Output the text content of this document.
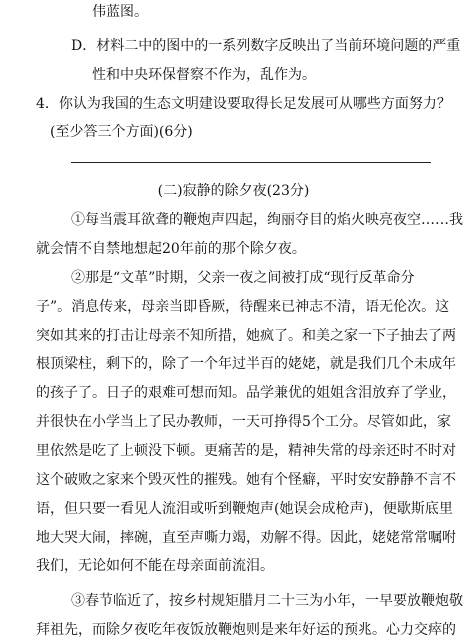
伟蓝图。
D．材料二中的图中的一系列数字反映出了当前环境问题的严重
性和中央环保督察不作为，乱作为。
4．你认为我国的生态文明建设要取得长足发展可从哪些方面努力？
(至少答三个方面)(6分)
(二)寂静的除夕夜(23分)
①每当震耳欲聋的鞭炮声四起，绚丽夺目的焰火映亮夜空……我
就会情不自禁地想起20年前的那个除夕夜。
②那是“文革”时期，父亲一夜之间被打成“现行反革命分
子”。消息传来，母亲当即昏厥，待醒来已神志不清，语无伦次。这
突如其来的打击让母亲不知所措，她疯了。和美之家一下子抽去了两
根顶梁柱，剩下的，除了一个年过半百的姥姥，就是我们几个未成年
的孩子了。日子的艰难可想而知。品学兼优的姐姐含泪放弃了学业，
并很快在小学当上了民办教师，一天可挣得5个工分。尽管如此，家
里依然是吃了上顿没下顿。更痛苦的是，精神失常的母亲还时不时对
这个破败之家来个毁灭性的摧残。她有个怪癖，平时安安静静不言不
语，但只要一看见人流泪或听到鞭炮声(她误会成枪声)，便歇斯底里
地大哭大闹，摔碗，直至声嘶力竭，劝解不得。因此，姥姥常常嘱咐
我们，无论如何不能在母亲面前流泪。
③春节临近了，按乡村规矩腊月二十三为小年，一早要放鞭炮敬
拜祖先，而除夕夜吃年夜饭放鞭炮则是来年好运的预兆。心力交瘁的
